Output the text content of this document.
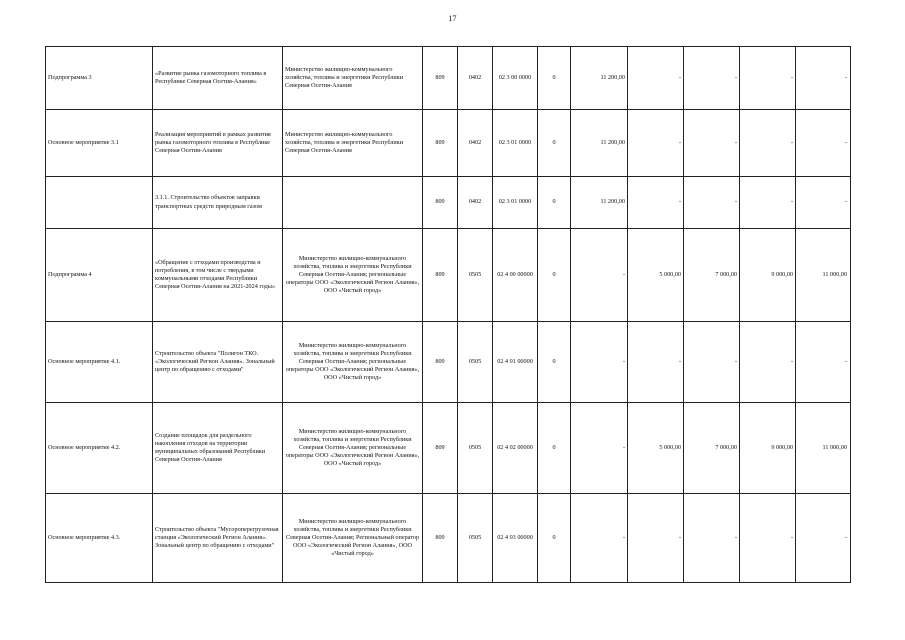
17
Подпрограмма 3	«Развитие рынка газомоторного топлива в Республике Северная Осетия-Алания»	Министерство жилищно-коммунального хозяйства, топлива и энергетики Республики Северная Осетия-Алания	809	0402	02 3 00 0000	0	11 200,00	-	-	-	-
Основное мероприятие 3.1	Реализация мероприятий в рамках развития рынка газомоторного топлива в Республике Северная Осетия-Алания	Министерство жилищно-коммунального хозяйства, топлива и энергетики Республики Северная Осетия-Алания	809	0402	02 3 01 0000	0	11 200,00	-	-	-	-
	3.1.1. Строительство объектов заправки транспортных средств природным газом		809	0402	02 3 01 0000	0	11 200,00	-	-	-	-
Подпрограмма 4	«Обращение с отходами производства и потребления, в том числе с твердыми коммунальными отходами Республики Северная Осетия-Алания на 2021-2024 годы»	Министерство жилищно-коммунального хозяйства, топлива и энергетики Республики Северная Осетия-Алания; региональные операторы ООО «Экологический Регион Алания», ООО «Чистый город»	809	0505	02 4 00 00000	0	-	5 000,00	7 000,00	9 000,00	11 000,00
Основное мероприятие 4.1.	Строительство объекта "Полигон ТКО. «Экологический Регион Алания». Зональный центр по обращению с отходами"	Министерство жилищно-коммунального хозяйства, топлива и энергетики Республики Северная Осетия-Алания; региональные операторы ООО «Экологический Регион Алания», ООО «Чистый город»	809	0505	02 4 01 00000	0	-	-	-	-	-
Основное мероприятие 4.2.	Создание площадок для раздельного накопления отходов на территории муниципальных образований Республики Северная Осетия-Алания	Министерство жилищно-коммунального хозяйства, топлива и энергетики Республики Северная Осетия-Алания; региональные операторы ООО «Экологический Регион Алания», ООО «Чистый город»	809	0505	02 4 02 00000	0	-	5 000,00	7 000,00	9 000,00	11 000,00
Основное мероприятие 4.3.	Строительство объекта "Мусороперегрузочная станция «Экологический Регион Алания». Зональный центр по обращению с отходами"	Министерство жилищно-коммунального хозяйства, топлива и энергетики Республики Северная Осетия-Алания; Региональный оператор ООО «Экологический Регион Алания», ООО «Чистый город»	809	0505	02 4 03 00000	0	-	-	-	-	-
